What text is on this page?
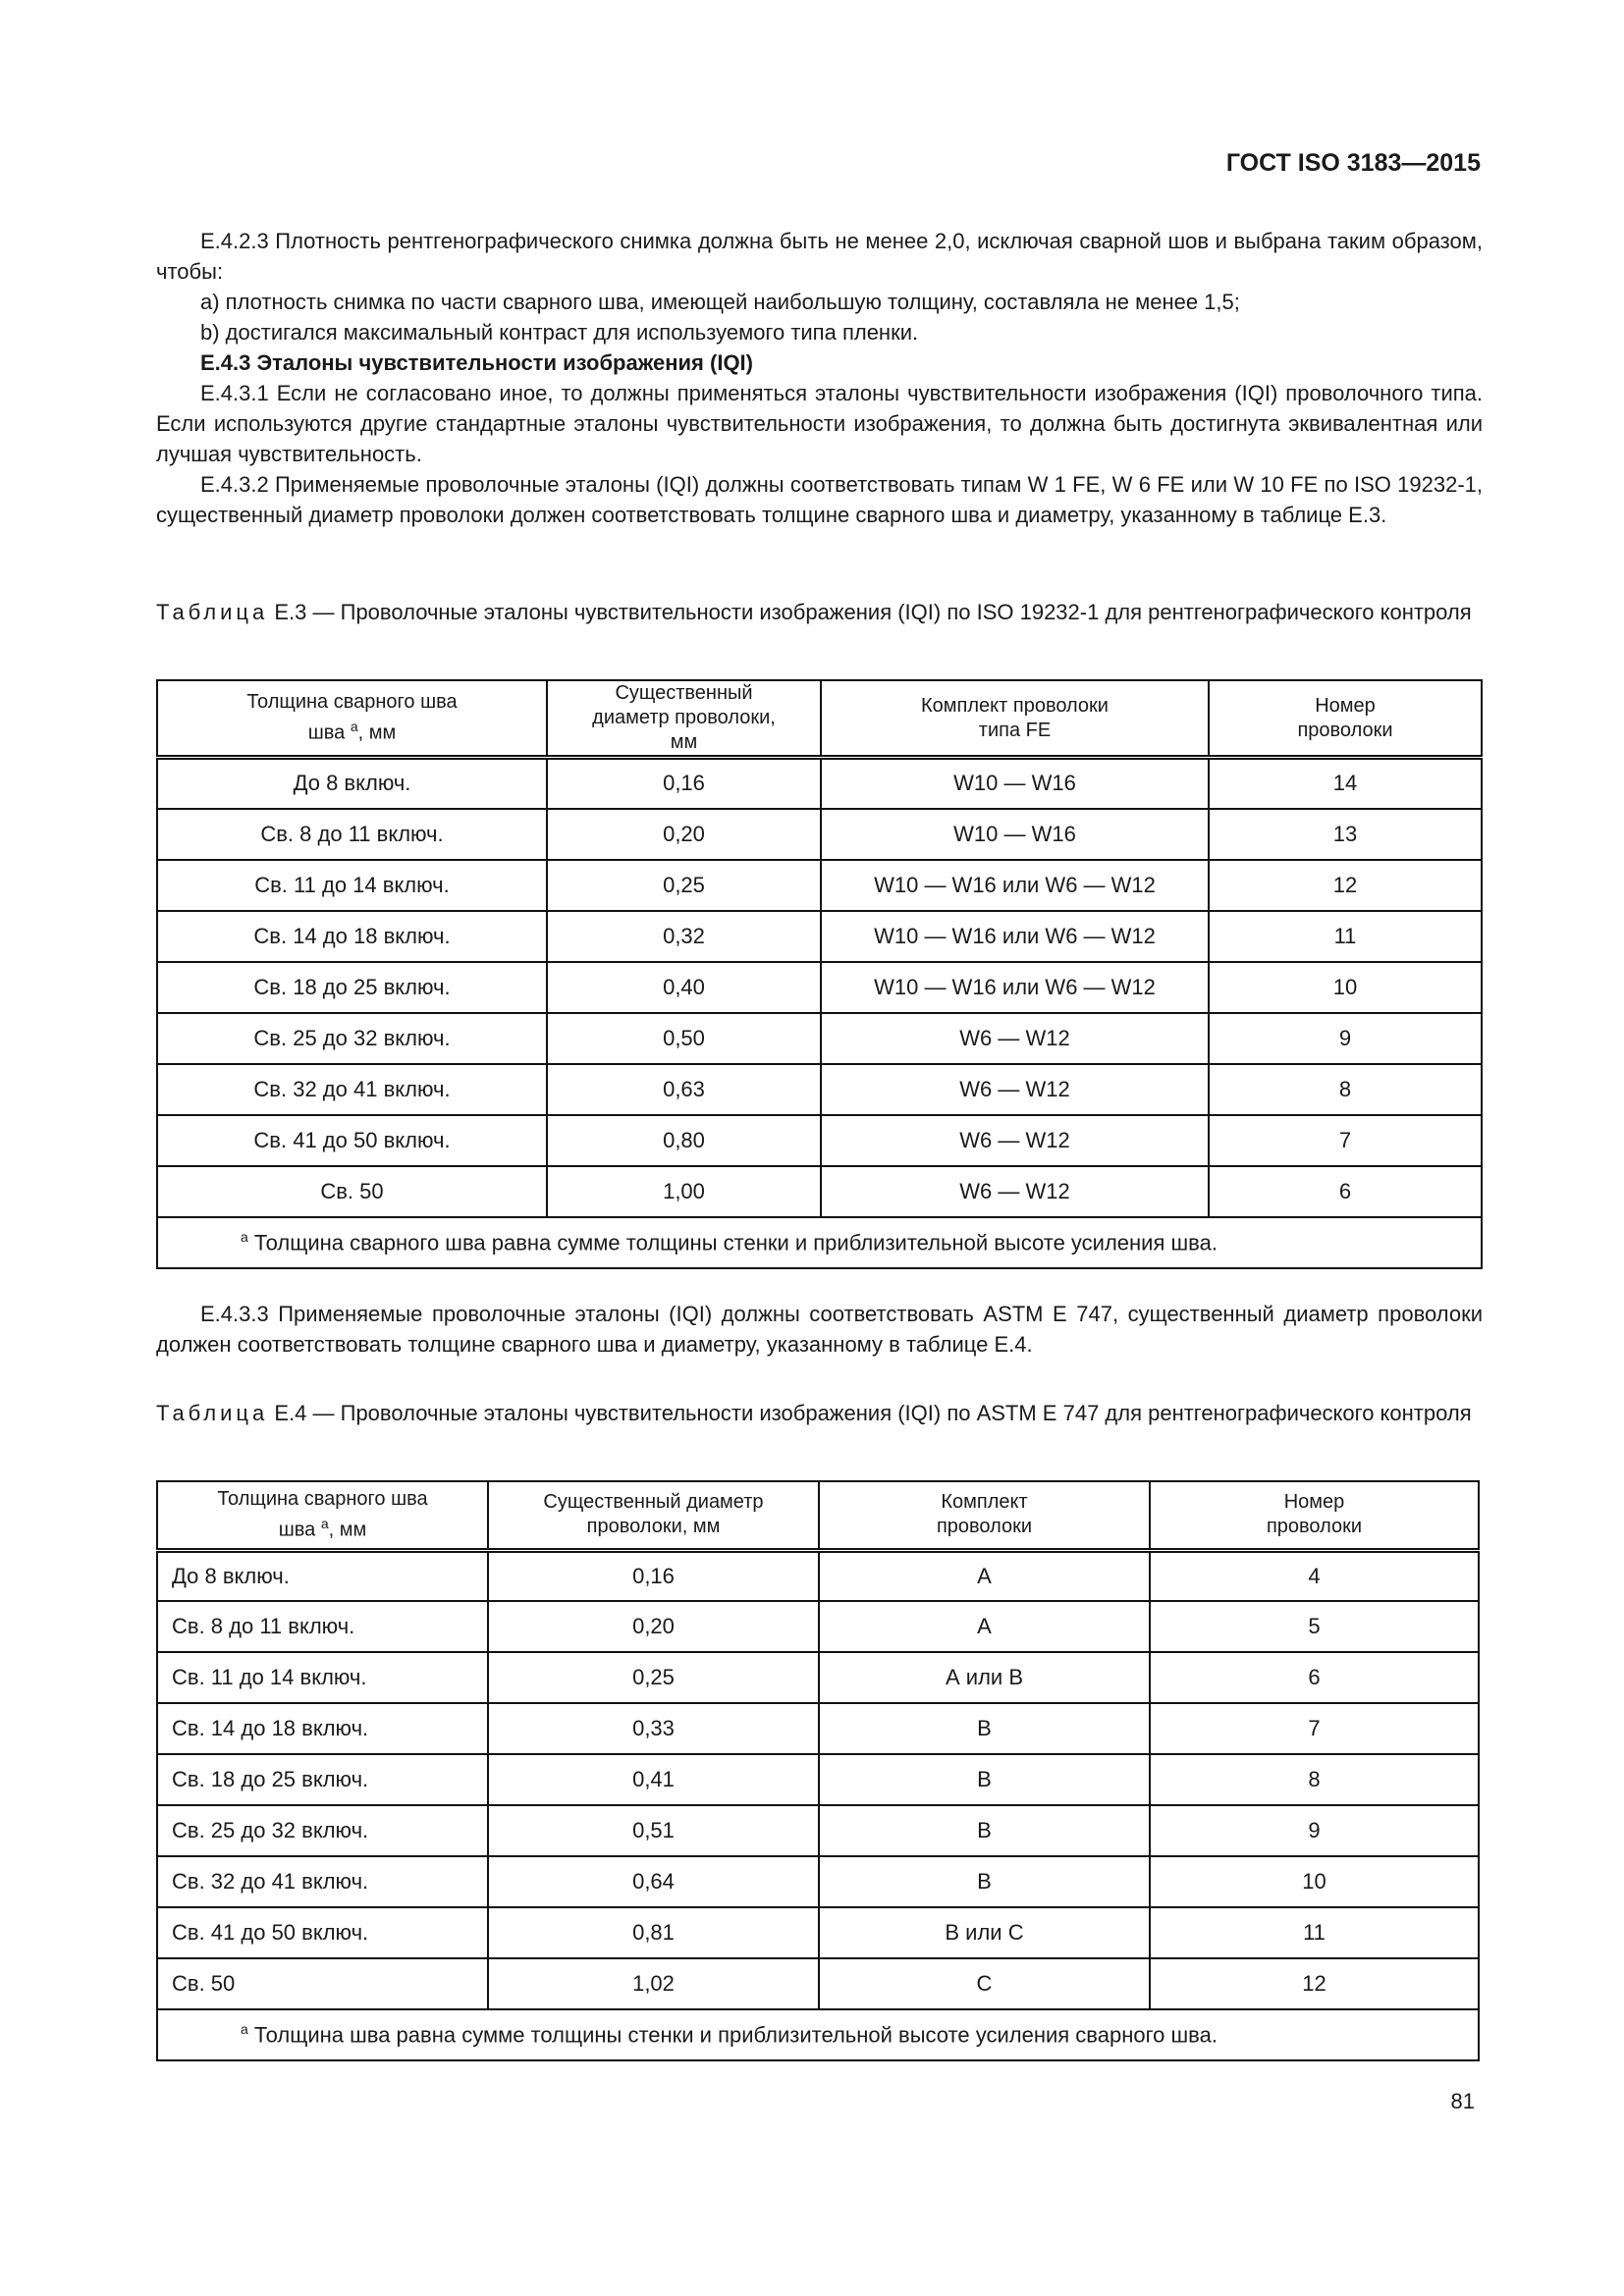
ГОСТ ISO 3183—2015

Е.4.2.3 Плотность рентгенографического снимка должна быть не менее 2,0, исключая сварной шов и выбрана таким образом, чтобы:

a) плотность снимка по части сварного шва, имеющей наибольшую толщину, составляла не менее 1,5;

b) достигался максимальный контраст для используемого типа пленки.

Е.4.3 Эталоны чувствительности изображения (IQI)

Е.4.3.1 Если не согласовано иное, то должны применяться эталоны чувствительности изображения (IQI) проволочного типа. Если используются другие стандартные эталоны чувствительности изображения, то должна быть достигнута эквивалентная или лучшая чувствительность.

Е.4.3.2 Применяемые проволочные эталоны (IQI) должны соответствовать типам W 1 FE, W 6 FE или W 10 FE по ISO 19232-1, существенный диаметр проволоки должен соответствовать толщине сварного шва и диаметру, указанному в таблице Е.3.

Таблица Е.3 — Проволочные эталоны чувствительности изображения (IQI) по ISO 19232-1 для рентгенографического контроля
Толщина сварного шва
шва $^a$, мм	Существенный диаметр проволоки, мм	Комплект проволоки типа FE	Номер проволоки
До 8 включ.	0,16	W10 — W16	14
Св. 8 до 11 включ.	0,20	W10 — W16	13
Св. 11 до 14 включ.	0,25	W10 — W16 или W6 — W12	12
Св. 14 до 18 включ.	0,32	W10 — W16 или W6 — W12	11
Св. 18 до 25 включ.	0,40	W10 — W16 или W6 — W12	10
Св. 25 до 32 включ.	0,50	W6 — W12	9
Св. 32 до 41 включ.	0,63	W6 — W12	8
Св. 41 до 50 включ.	0,80	W6 — W12	7
Св. 50	1,00	W6 — W12	6
$^a$ Толщина сварного шва равна сумме толщины стенки и приблизительной высоте усиления шва.			

Е.4.3.3 Применяемые проволочные эталоны (IQI) должны соответствовать ASTM E 747, существенный диаметр проволоки должен соответствовать толщине сварного шва и диаметру, указанному в таблице Е.4.

Таблица Е.4 — Проволочные эталоны чувствительности изображения (IQI) по ASTM E 747 для рентгенографического контроля
Толщина сварного шва
шва $^a$, мм	Существенный диаметр проволоки, мм	Комплект проволоки	Номер проволоки
До 8 включ.	0,16	А	4
Св. 8 до 11 включ.	0,20	А	5
Св. 11 до 14 включ.	0,25	А или В	6
Св. 14 до 18 включ.	0,33	В	7
Св. 18 до 25 включ.	0,41	В	8
Св. 25 до 32 включ.	0,51	В	9
Св. 32 до 41 включ.	0,64	В	10
Св. 41 до 50 включ.	0,81	В или С	11
Св. 50	1,02	С	12
$^a$ Толщина шва равна сумме толщины стенки и приблизительной высоте усиления сварного шва.			
81
